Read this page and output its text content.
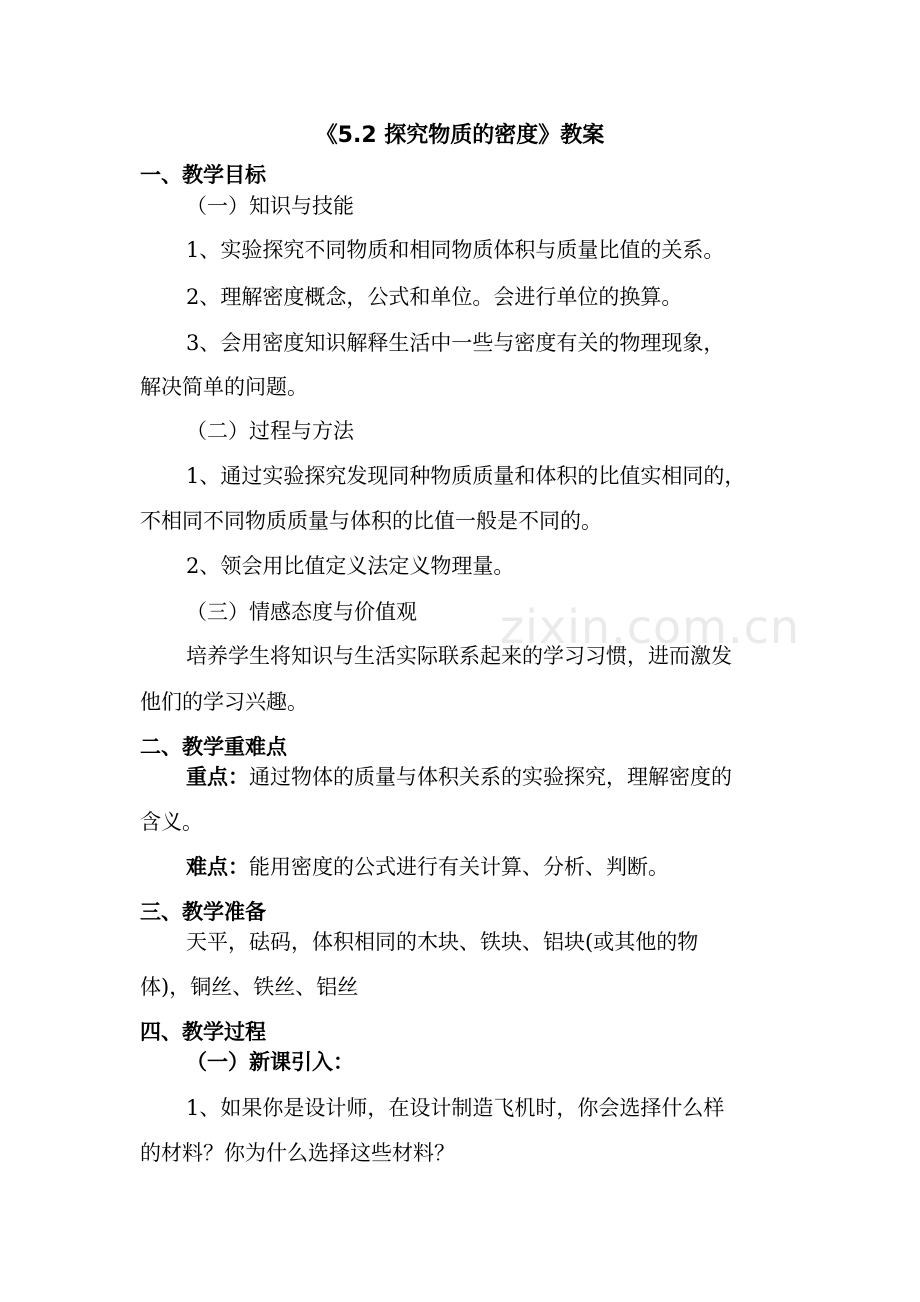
zixin.com.cn
《5.2 探究物质的密度》教案
一、教学目标
（一）知识与技能
1、实验探究不同物质和相同物质体积与质量比值的关系。
2、理解密度概念，公式和单位。会进行单位的换算。
3、会用密度知识解释生活中一些与密度有关的物理现象，
解决简单的问题。
（二）过程与方法
1、通过实验探究发现同种物质质量和体积的比值实相同的，
不相同不同物质质量与体积的比值一般是不同的。
2、领会用比值定义法定义物理量。
（三）情感态度与价值观
培养学生将知识与生活实际联系起来的学习习惯，进而激发
他们的学习兴趣。
二、教学重难点
重点：通过物体的质量与体积关系的实验探究，理解密度的
含义。
难点：能用密度的公式进行有关计算、分析、判断。
三、教学准备
天平，砝码，体积相同的木块、铁块、铝块(或其他的物
体)，铜丝、铁丝、铝丝
四、教学过程
（一）新课引入：
1、如果你是设计师，在设计制造飞机时，你会选择什么样
的材料？你为什么选择这些材料？
